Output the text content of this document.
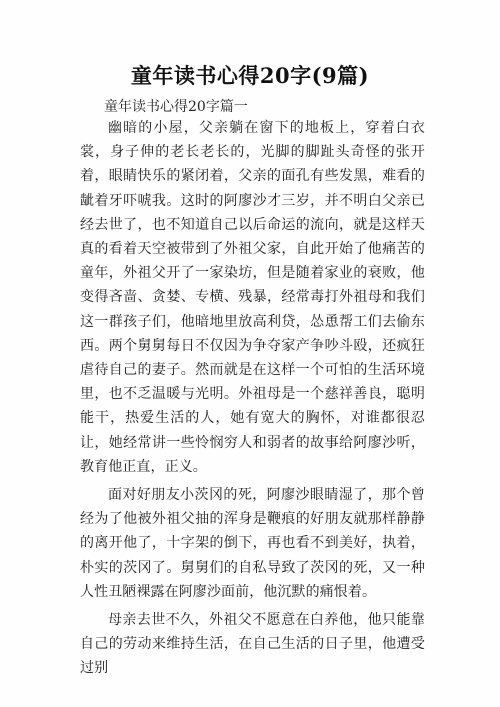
童年读书心得20字(9篇)
童年读书心得20字篇一

幽暗的小屋，父亲躺在窗下的地板上，穿着白衣裳，身子伸的老长老长的，光脚的脚趾头奇怪的张开着，眼睛快乐的紧闭着，父亲的面孔有些发黑，难看的龇着牙吓唬我。这时的阿廖沙才三岁，并不明白父亲已经去世了，也不知道自己以后命运的流向，就是这样天真的看着天空被带到了外祖父家，自此开始了他痛苦的童年，外祖父开了一家染坊，但是随着家业的衰败，他变得吝啬、贪婪、专横、残暴，经常毒打外祖母和我们这一群孩子们，他暗地里放高利贷，怂恿帮工们去偷东西。两个舅舅每日不仅因为争夺家产争吵斗殴，还疯狂虐待自己的妻子。然而就是在这样一个可怕的生活环境里，也不乏温暖与光明。外祖母是一个慈祥善良，聪明能干，热爱生活的人，她有宽大的胸怀，对谁都很忍让，她经常讲一些怜悯穷人和弱者的故事给阿廖沙听，教育他正直，正义。

面对好朋友小茨冈的死，阿廖沙眼睛湿了，那个曾经为了他被外祖父抽的浑身是鞭痕的好朋友就那样静静的离开他了，十字架的倒下，再也看不到美好，执着，朴实的茨冈了。舅舅们的自私导致了茨冈的死，又一种人性丑陋裸露在阿廖沙面前，他沉默的痛恨着。

母亲去世不久，外祖父不愿意在白养他，他只能靠自己的劳动来维持生活，在自己生活的日子里，他遭受过别
